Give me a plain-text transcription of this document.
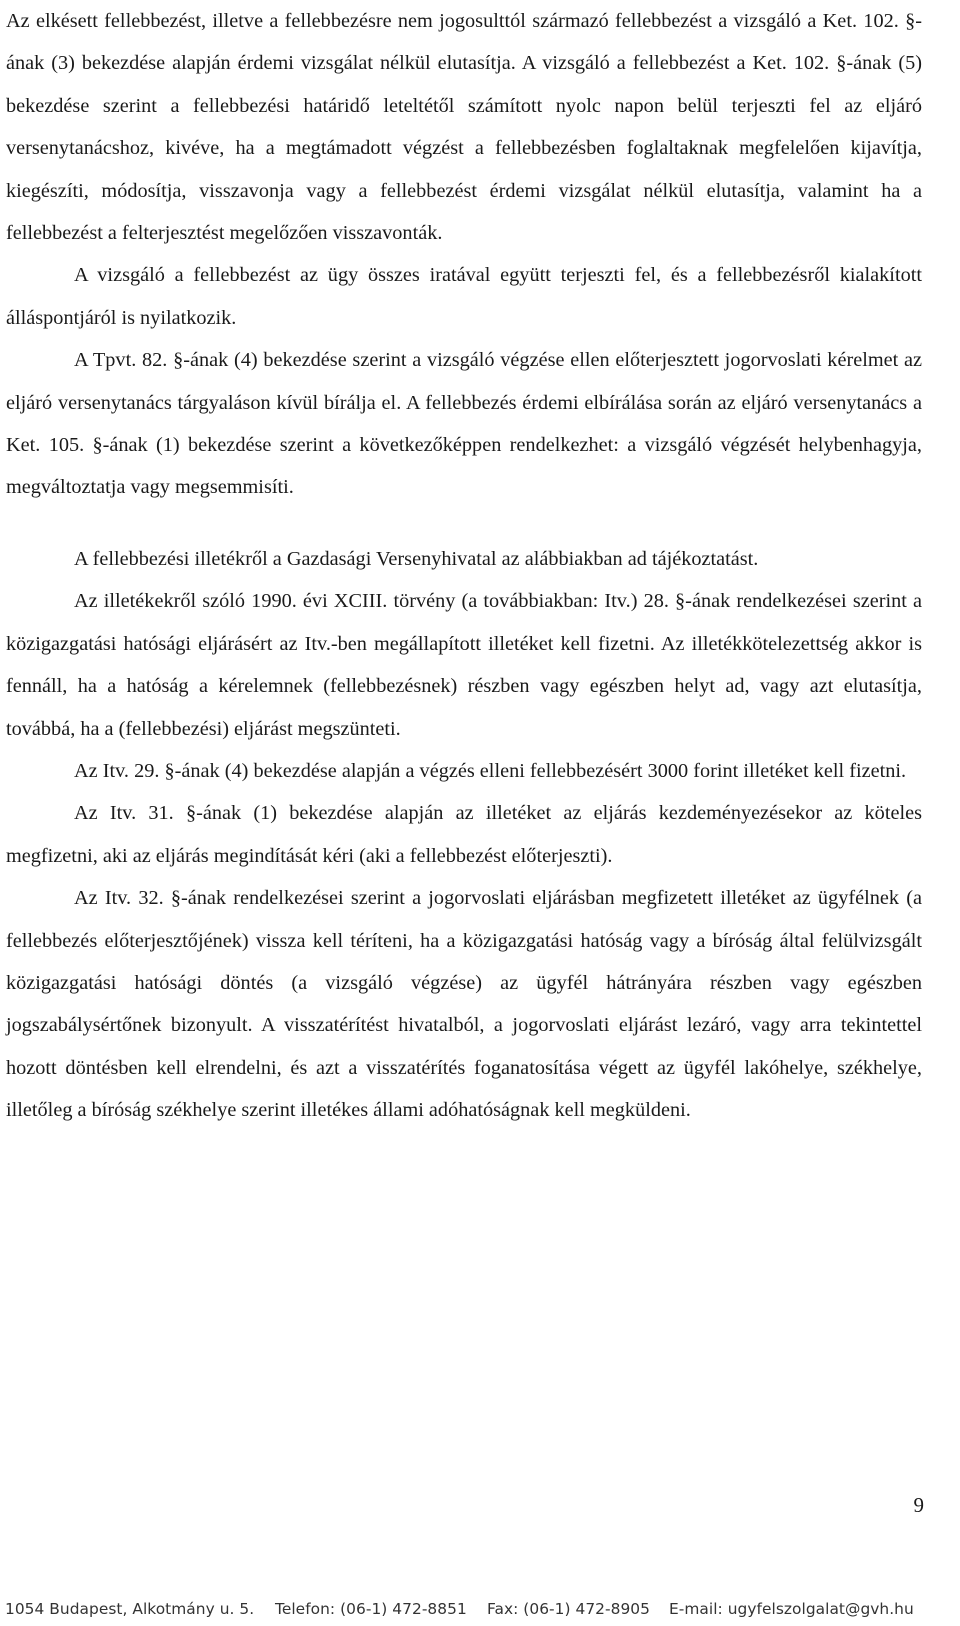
Az elkésett fellebbezést, illetve a fellebbezésre nem jogosulttól származó fellebbezést a vizsgáló a Ket. 102. §-ának (3) bekezdése alapján érdemi vizsgálat nélkül elutasítja. A vizsgáló a fellebbezést a Ket. 102. §-ának (5) bekezdése szerint a fellebbezési határidő leteltétől számított nyolc napon belül terjeszti fel az eljáró versenytanácshoz, kivéve, ha a megtámadott végzést a fellebbezésben foglaltaknak megfelelően kijavítja, kiegészíti, módosítja, visszavonja vagy a fellebbezést érdemi vizsgálat nélkül elutasítja, valamint ha a fellebbezést a felterjesztést megelőzően visszavonták.

A vizsgáló a fellebbezést az ügy összes iratával együtt terjeszti fel, és a fellebbezésről kialakított álláspontjáról is nyilatkozik.

A Tpvt. 82. §-ának (4) bekezdése szerint a vizsgáló végzése ellen előterjesztett jogorvoslati kérelmet az eljáró versenytanács tárgyaláson kívül bírálja el. A fellebbezés érdemi elbírálása során az eljáró versenytanács a Ket. 105. §-ának (1) bekezdése szerint a következőképpen rendelkezhet: a vizsgáló végzését helybenhagyja, megváltoztatja vagy megsemmisíti.

A fellebbezési illetékről a Gazdasági Versenyhivatal az alábbiakban ad tájékoztatást.

Az illetékekről szóló 1990. évi XCIII. törvény (a továbbiakban: Itv.) 28. §-ának rendelkezései szerint a közigazgatási hatósági eljárásért az Itv.-ben megállapított illetéket kell fizetni. Az illetékkötelezettség akkor is fennáll, ha a hatóság a kérelemnek (fellebbezésnek) részben vagy egészben helyt ad, vagy azt elutasítja, továbbá, ha a (fellebbezési) eljárást megszünteti.

Az Itv. 29. §-ának (4) bekezdése alapján a végzés elleni fellebbezésért 3000 forint illetéket kell fizetni.

Az Itv. 31. §-ának (1) bekezdése alapján az illetéket az eljárás kezdeményezésekor az köteles megfizetni, aki az eljárás megindítását kéri (aki a fellebbezést előterjeszti).

Az Itv. 32. §-ának rendelkezései szerint a jogorvoslati eljárásban megfizetett illetéket az ügyfélnek (a fellebbezés előterjesztőjének) vissza kell téríteni, ha a közigazgatási hatóság vagy a bíróság által felülvizsgált közigazgatási hatósági döntés (a vizsgáló végzése) az ügyfél hátrányára részben vagy egészben jogszabálysértőnek bizonyult. A visszatérítést hivatalból, a jogorvoslati eljárást lezáró, vagy arra tekintettel hozott döntésben kell elrendelni, és azt a visszatérítés foganatosítása végett az ügyfél lakóhelye, székhelye, illetőleg a bíróság székhelye szerint illetékes állami adóhatóságnak kell megküldeni.

9
1054 Budapest, Alkotmány u. 5. Telefon: (06-1) 472-8851 Fax: (06-1) 472-8905 E-mail: ugyfelszolgalat@gvh.hu
